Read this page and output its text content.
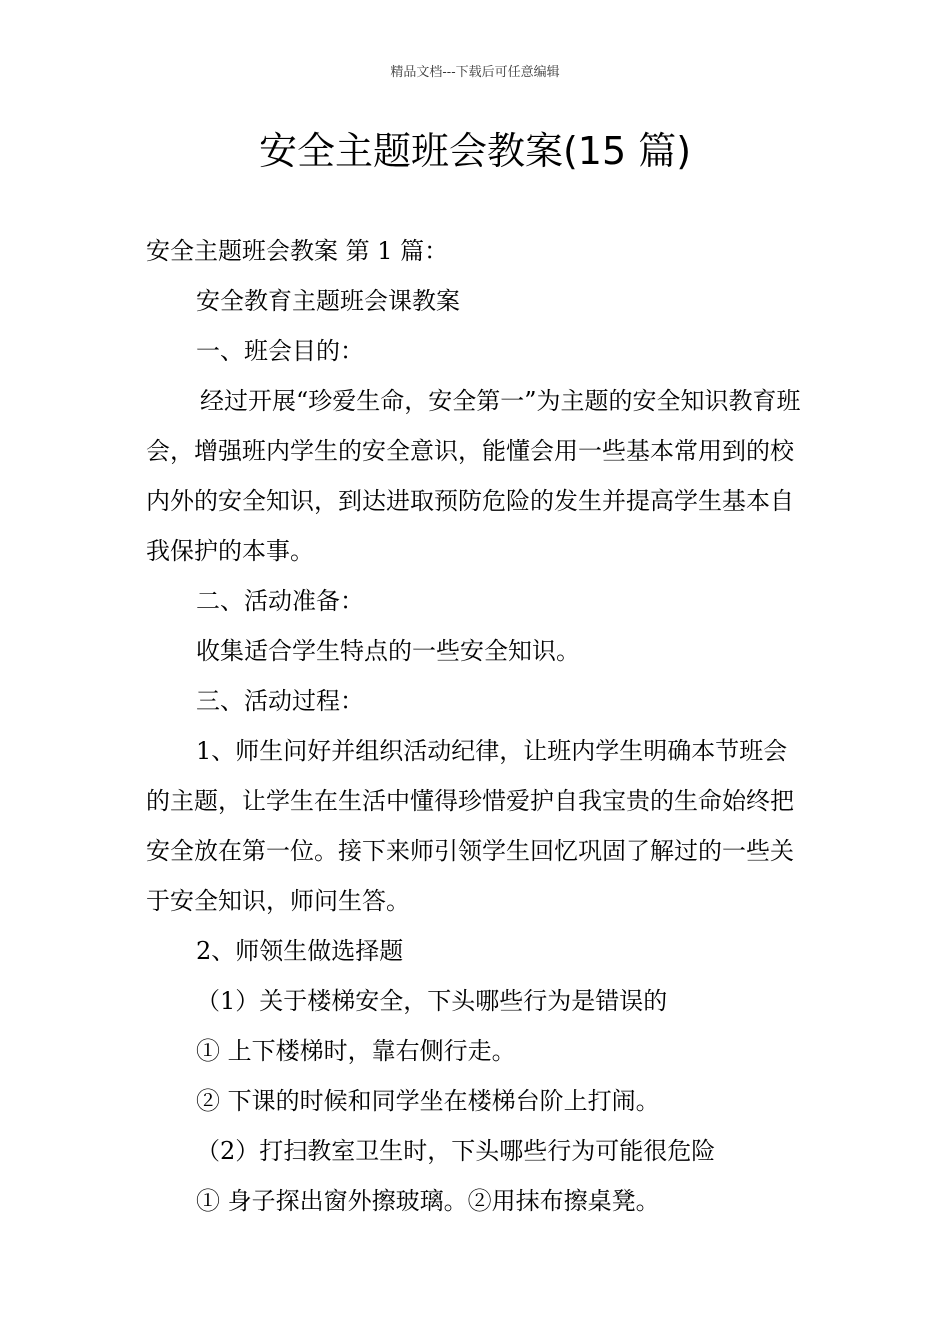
精品文档---下载后可任意编辑
安全主题班会教案(15 篇)

安全主题班会教案 第 1 篇：

安全教育主题班会课教案

一、班会目的：

经过开展“珍爱生命，安全第一”为主题的安全知识教育班会，增强班内学生的安全意识，能懂会用一些基本常用到的校内外的安全知识，到达进取预防危险的发生并提高学生基本自我保护的本事。

二、活动准备：

收集适合学生特点的一些安全知识。

三、活动过程：

1、师生问好并组织活动纪律，让班内学生明确本节班会的主题，让学生在生活中懂得珍惜爱护自我宝贵的生命始终把安全放在第一位。接下来师引领学生回忆巩固了解过的一些关于安全知识，师问生答。

2、师领生做选择题

（1）关于楼梯安全，下头哪些行为是错误的

① 上下楼梯时，靠右侧行走。

② 下课的时候和同学坐在楼梯台阶上打闹。

（2）打扫教室卫生时，下头哪些行为可能很危险

① 身子探出窗外擦玻璃。②用抹布擦桌凳。
